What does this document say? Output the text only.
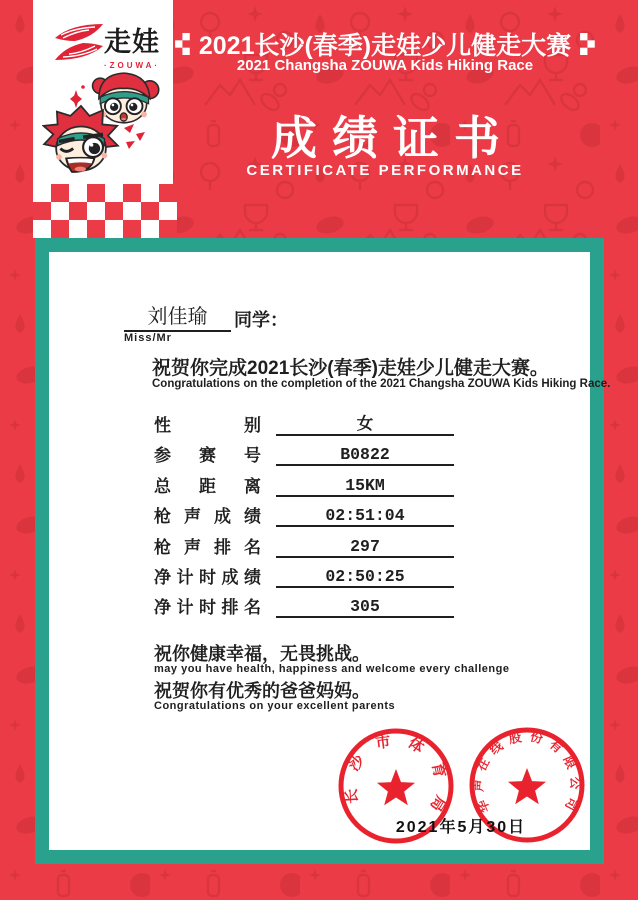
走娃
·ZOUWA·
2021长沙(春季)走娃少儿健走大赛
2021 Changsha ZOUWA Kids Hiking Race
成绩证书
CERTIFICATE PERFORMANCE
刘佳瑜	同学：
Miss/Mr
祝贺你完成2021长沙(春季)走娃少儿健走大赛。
Congratulations on the completion of the 2021 Changsha ZOUWA Kids Hiking Race.
性别	女
参赛号	B0822
总距离	15KM
枪声成绩	02:51:04
枪声排名	297
净计时成绩	02:50:25
净计时排名	305
祝你健康幸福，无畏挑战。
may you have health, happiness and welcome every challenge
祝贺你有优秀的爸爸妈妈。
Congratulations on your excellent parents
长沙市体育局 华声在线股份有限公司
2021年5月30日
